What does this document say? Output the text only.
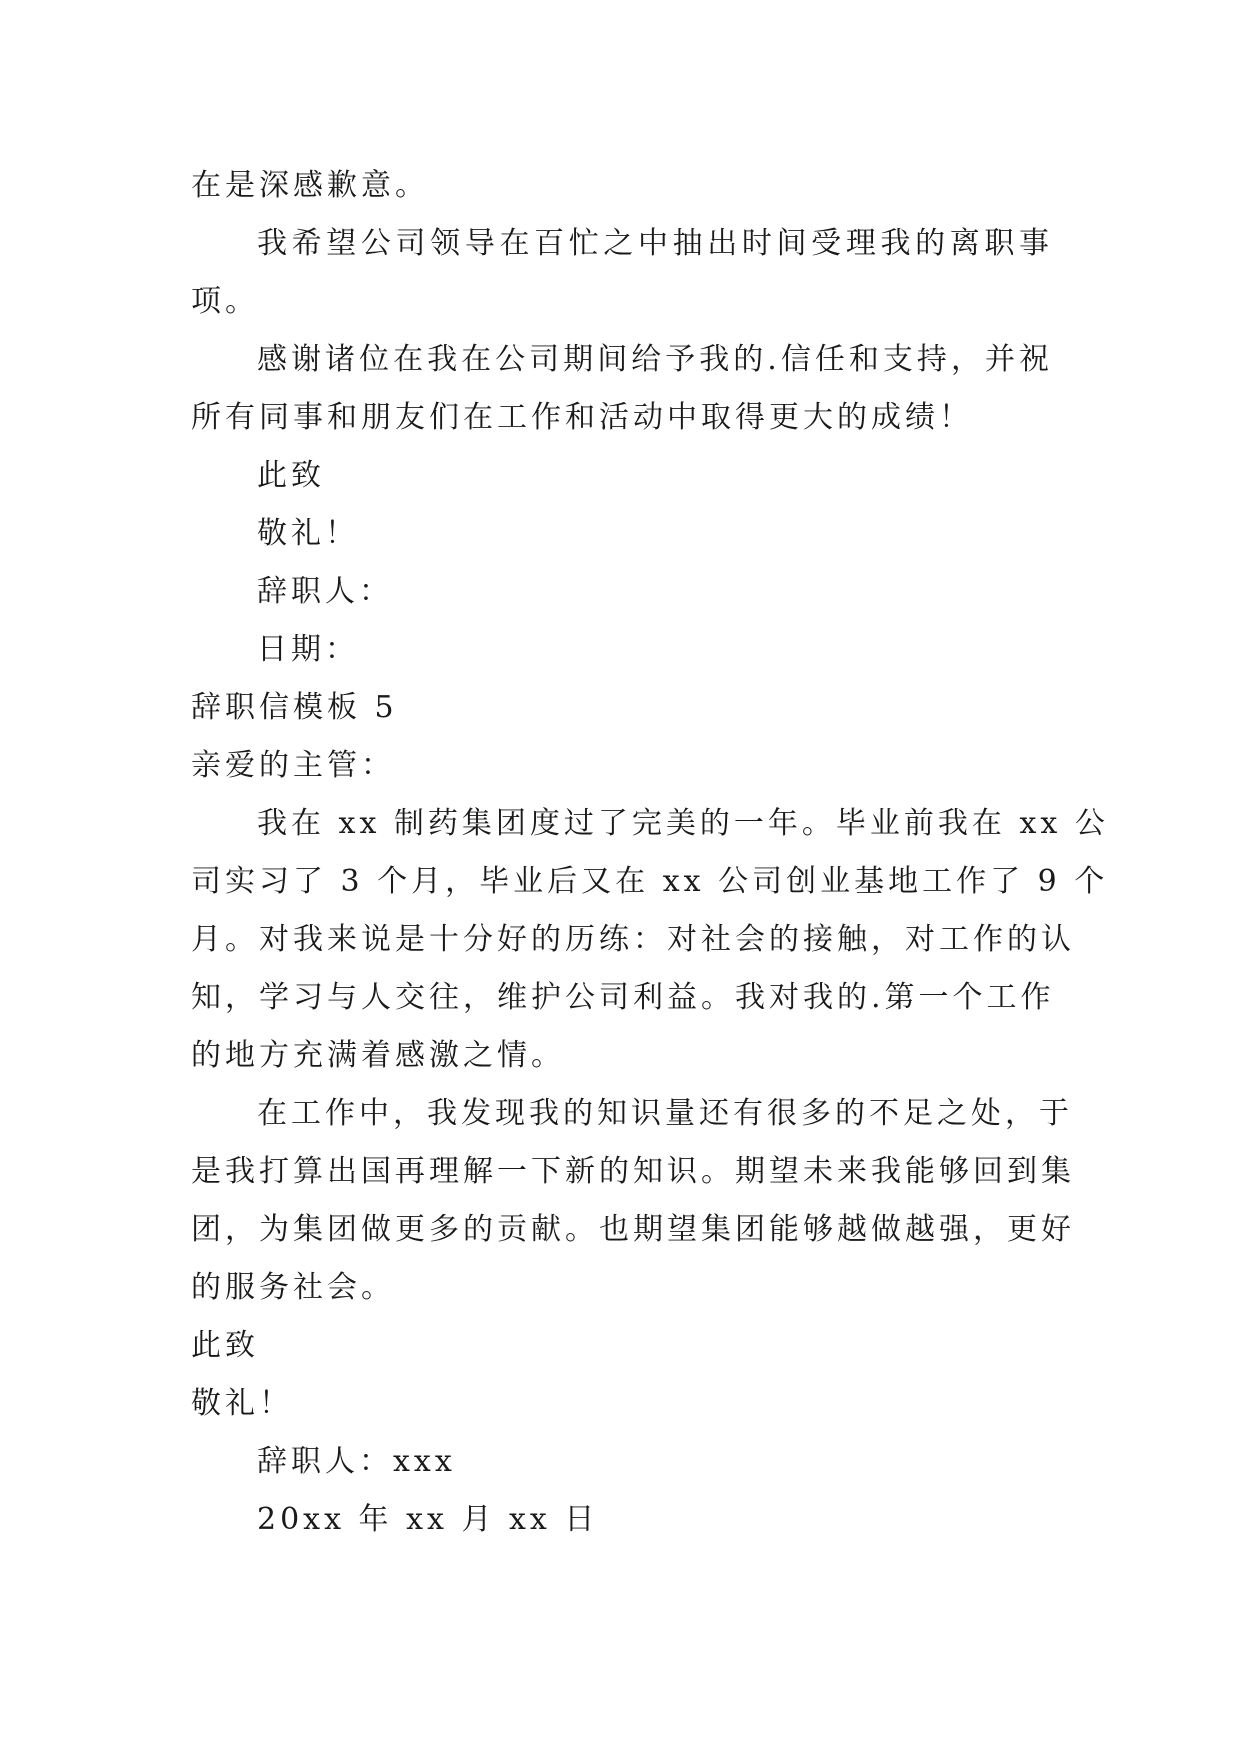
在是深感歉意。
我希望公司领导在百忙之中抽出时间受理我的离职事
项。
感谢诸位在我在公司期间给予我的.信任和支持，并祝
所有同事和朋友们在工作和活动中取得更大的成绩！
此致
敬礼！
辞职人：
日期：
辞职信模板 5
亲爱的主管：
我在 xx 制药集团度过了完美的一年。毕业前我在 xx 公
司实习了 3 个月，毕业后又在 xx 公司创业基地工作了 9 个
月。对我来说是十分好的历练：对社会的接触，对工作的认
知，学习与人交往，维护公司利益。我对我的.第一个工作
的地方充满着感激之情。
在工作中，我发现我的知识量还有很多的不足之处，于
是我打算出国再理解一下新的知识。期望未来我能够回到集
团，为集团做更多的贡献。也期望集团能够越做越强，更好
的服务社会。
此致
敬礼！
辞职人：xxx
20xx 年 xx 月 xx 日
